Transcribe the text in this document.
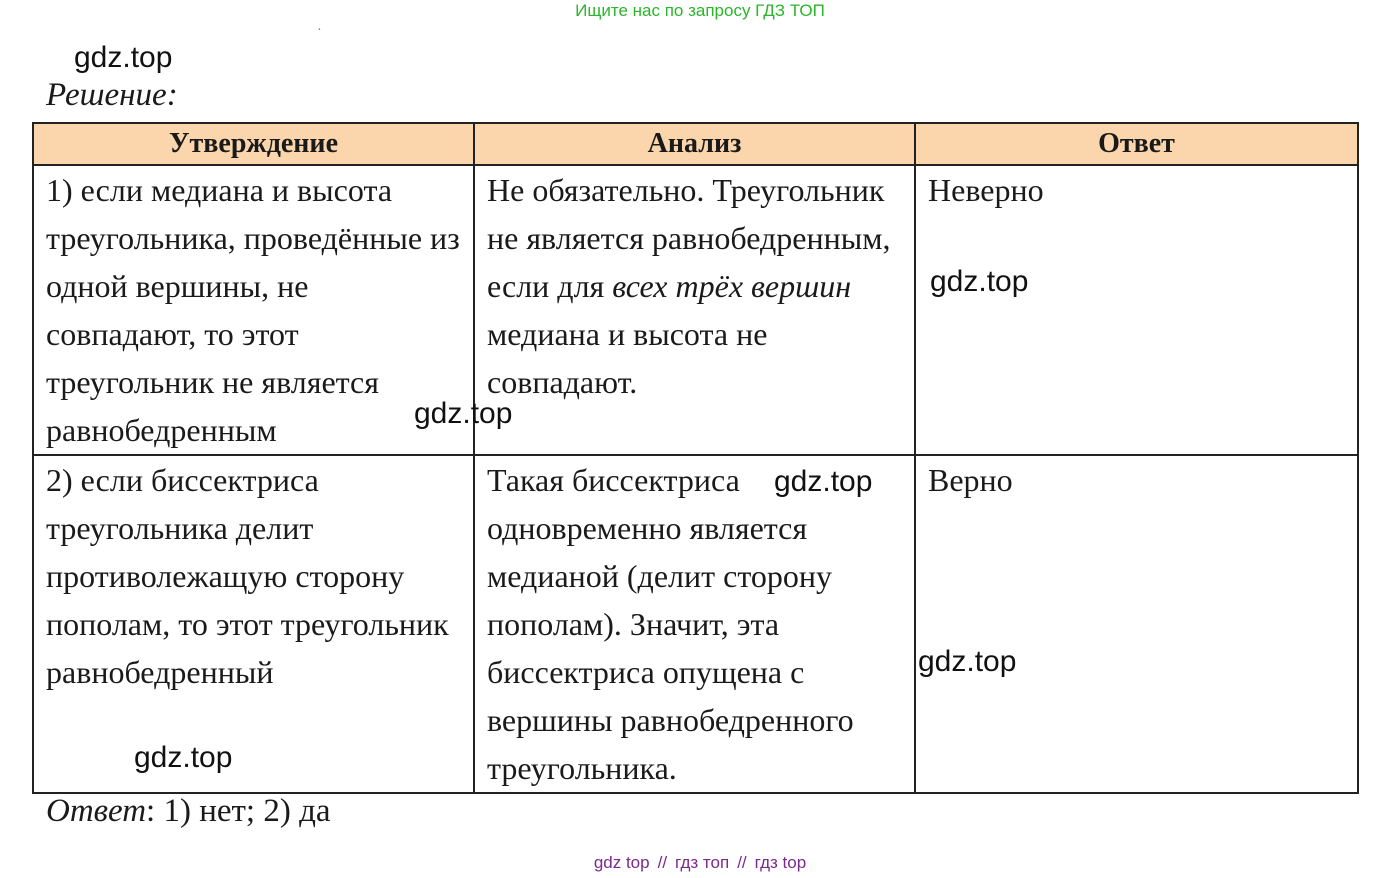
Ищите нас по запросу ГДЗ ТОП
ˎ
gdz.top
Решение:
Утверждение	Анализ	Ответ

1) если медиана и высота треугольника, проведённые из одной вершины, не совпадают, то этот треугольник не является равнобедренным	Не обязательно. Треугольник не является равнобедренным, если для всех трёх вершин медиана и высота не совпадают.	Неверно

2) если биссектриса треугольника делит противолежащую сторону пополам, то этот треугольник равнобедренный	Такая биссектриса одновременно является медианой (делит сторону пополам). Значит, эта биссектриса опущена с вершины равнобедренного треугольника.	Верно
gdz.top
gdz.top
gdz.top
gdz.top
gdz.top
Ответ: 1) нет; 2) да
gdz top // гдз топ // гдз top
